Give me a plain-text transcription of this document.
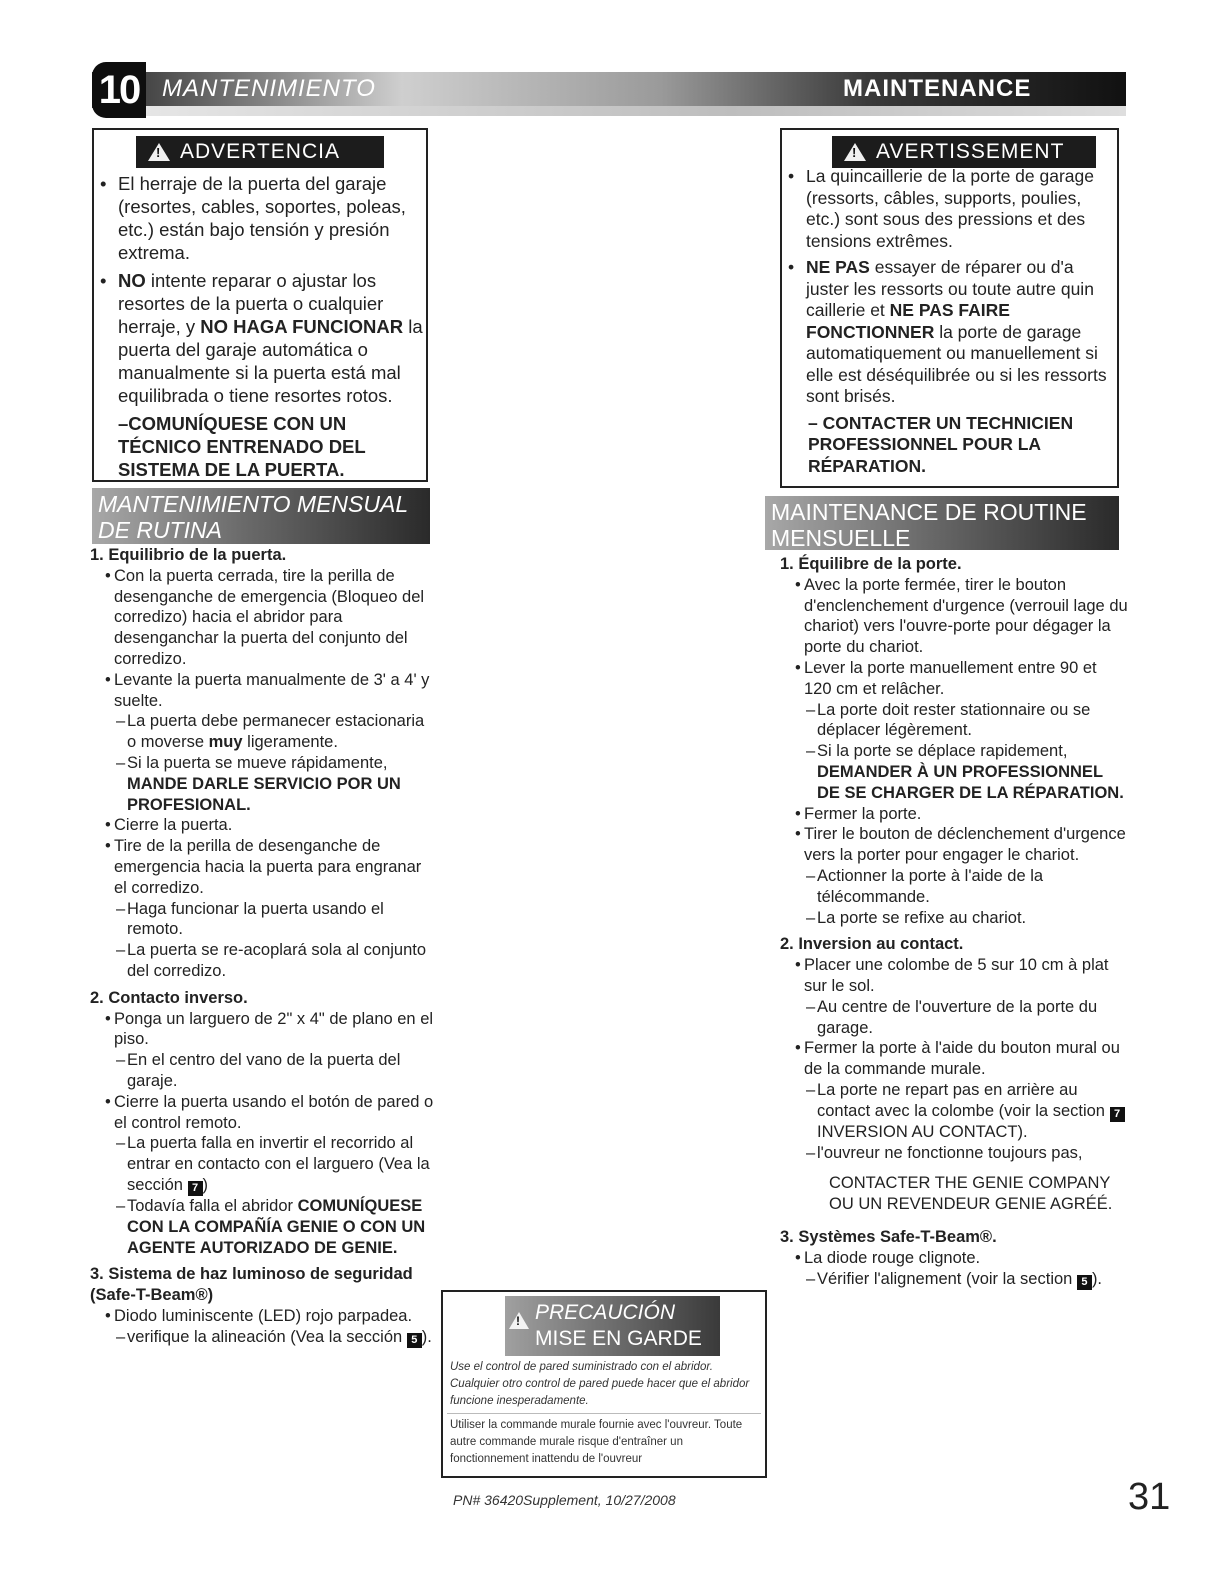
10 MANTENIMIENTO	MAINTENANCE
!
ADVERTENCIA
• El herraje de la puerta del garaje (resortes, cables, soportes, poleas, etc.) están bajo tensión y presión extrema.
• NO intente reparar o ajustar los resortes de la puerta o cualquier herraje, y NO HAGA FUNCIONAR la puerta del garaje automática o manualmente si la puerta está mal equilibrada o tiene resortes rotos.
–COMUNÍQUESE CON UN TÉCNICO ENTRENADO DEL SISTEMA DE LA PUERTA.
!
AVERTISSEMENT
• La quincaillerie de la porte de garage (ressorts, câbles, supports, poulies, etc.) sont sous des pressions et des tensions extrêmes.
• NE PAS essayer de réparer ou d'a juster les ressorts ou toute autre quin caillerie et NE PAS FAIRE FONCTIONNER la porte de garage automatiquement ou manuellement si elle est déséquilibrée ou si les ressorts sont brisés.
– CONTACTER UN TECHNICIEN PROFESSIONNEL POUR LA RÉPARATION.
MANTENIMIENTO MENSUAL
DE RUTINA
MAINTENANCE DE ROUTINE
MENSUELLE

1. Equilibrio de la puerta.

• Con la puerta cerrada, tire la perilla de desenganche de emergencia (Bloqueo del corredizo) hacia el abridor para desenganchar la puerta del conjunto del corredizo.

• Levante la puerta manualmente de 3' a 4' y suelte.

– La puerta debe permanecer estacionaria o moverse muy ligeramente.

– Si la puerta se mueve rápidamente, MANDE DARLE SERVICIO POR UN PROFESIONAL.

• Cierre la puerta.

• Tire de la perilla de desenganche de emergencia hacia la puerta para engranar el corredizo.

– Haga funcionar la puerta usando el remoto.

– La puerta se re-acoplará sola al conjunto del corredizo.

2. Contacto inverso.

• Ponga un larguero de 2" x 4" de plano en el piso.

– En el centro del vano de la puerta del garaje.

• Cierre la puerta usando el botón de pared o el control remoto.

– La puerta falla en invertir el recorrido al entrar en contacto con el larguero (Vea la sección 7 )

– Todavía falla el abridor COMUNÍQUESE CON LA COMPAÑÍA GENIE O CON UN AGENTE AUTORIZADO DE GENIE.

3. Sistema de haz luminoso de seguridad (Safe-T-Beam®)

• Diodo luminiscente (LED) rojo parpadea.

– verifique la alineación (Vea la sección 5 ).

1. Équilibre de la porte.

• Avec la porte fermée, tirer le bouton d'enclenchement d'urgence (verrouil lage du chariot) vers l'ouvre-porte pour dégager la porte du chariot.

• Lever la porte manuellement entre 90 et 120 cm et relâcher.

– La porte doit rester stationnaire ou se déplacer légèrement.

– Si la porte se déplace rapidement, DEMANDER À UN PROFESSIONNEL DE SE CHARGER DE LA RÉPARATION.

• Fermer la porte.

• Tirer le bouton de déclenchement d'urgence vers la porter pour engager le chariot.

– Actionner la porte à l'aide de la télécommande.

– La porte se refixe au chariot.

2. Inversion au contact.

• Placer une colombe de 5 sur 10 cm à plat sur le sol.

– Au centre de l'ouverture de la porte du garage.

• Fermer la porte à l'aide du bouton mural ou de la commande murale.

– La porte ne repart pas en arrière au contact avec la colombe (voir la section 7 INVERSION AU CONTACT).

– l'ouvreur ne fonctionne toujours pas,

CONTACTER THE GENIE COMPANY OU UN REVENDEUR GENIE AGRÉÉ.

3. Systèmes Safe-T-Beam®.

• La diode rouge clignote.

– Vérifier l'alignement (voir la section 5 ).

PRECAUCIÓN
MISE EN GARDE
!
Use el control de pared suministrado con el abridor. Cualquier otro control de pared puede hacer que el abridor funcione inesperadamente.
Utiliser la commande murale fournie avec l'ouvreur. Toute autre commande murale risque d'entraîner un fonctionnement inattendu de l'ouvreur
PN# 36420Supplement, 10/27/2008	31
